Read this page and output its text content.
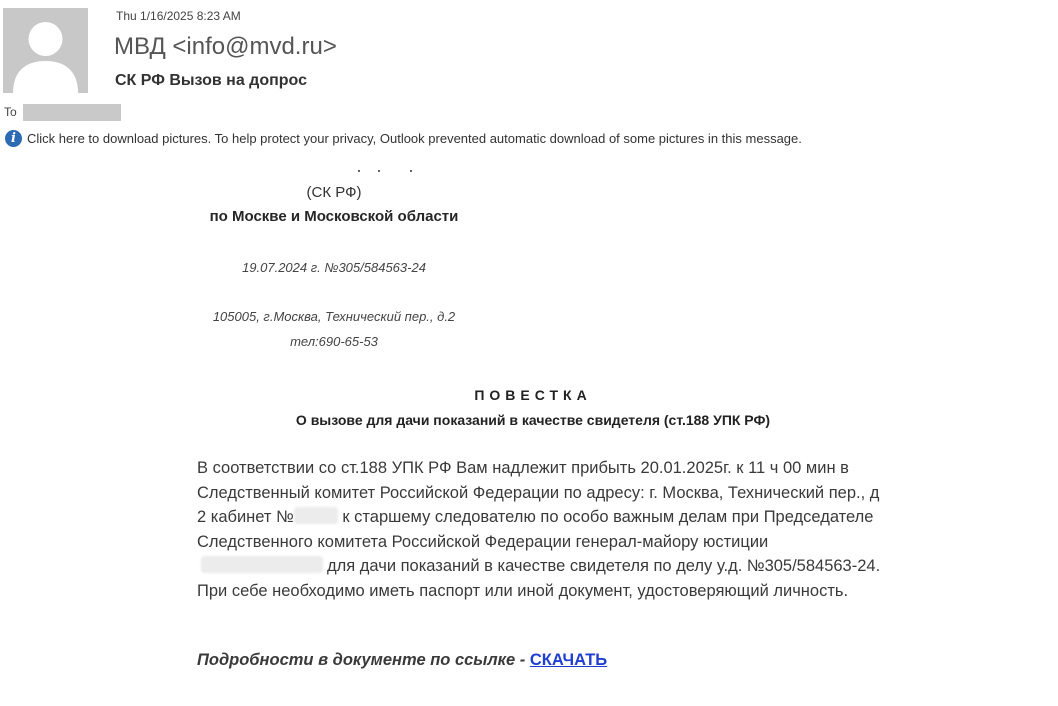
Thu 1/16/2025 8:23 AM
МВД <info@mvd.ru>
СК РФ Вызов на допрос
To
i Click here to download pictures. To help protect your privacy, Outlook prevented automatic download of some pictures in this message.
(СК РФ)
по Москве и Московской области
19.07.2024 г. №305/584563-24
105005, г.Москва, Технический пер., д.2
тел:690-65-53
ПОВЕСТКА
О вызове для дачи показаний в качестве свидетеля (ст.188 УПК РФ)
В соответствии со ст.188 УПК РФ Вам надлежит прибыть 20.01.2025г. к 11 ч 00 мин в Следственный комитет Российской Федерации по адресу: г. Москва, Технический пер., д 2 кабинет №	к старшему следователю по особо важным делам при Председателе Следственного комитета Российской Федерации генерал-майору юстициидля дачи показаний в качестве свидетеля по делу у.д. №305/584563-24. При себе необходимо иметь паспорт или иной документ, удостоверяющий личность.
Подробности в документе по ссылке - СКАЧАТЬ
